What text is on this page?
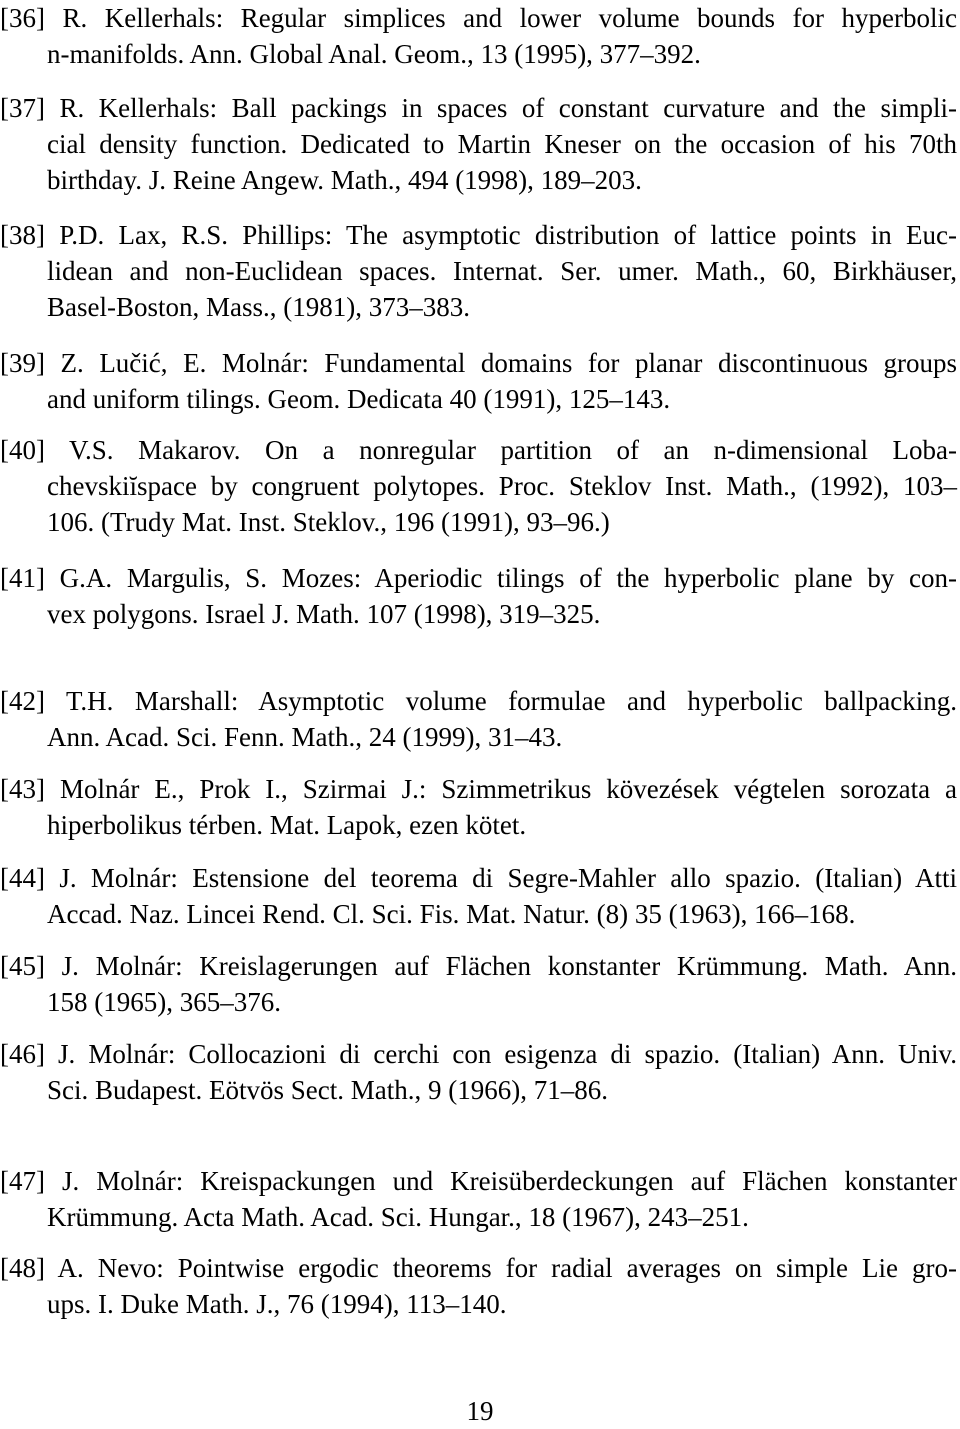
[36] R. Kellerhals: Regular simplices and lower volume bounds for hyperbolic
n-manifolds. Ann. Global Anal. Geom., 13 (1995), 377–392.
[37] R. Kellerhals: Ball packings in spaces of constant curvature and the simpli-
cial density function. Dedicated to Martin Kneser on the occasion of his 70th
birthday. J. Reine Angew. Math., 494 (1998), 189–203.
[38] P.D. Lax, R.S. Phillips: The asymptotic distribution of lattice points in Euc-
lidean and non-Euclidean spaces. Internat. Ser. umer. Math., 60, Birkhäuser,
Basel-Boston, Mass., (1981), 373–383.
[39] Z. Lučić, E. Molnár: Fundamental domains for planar discontinuous groups
and uniform tilings. Geom. Dedicata 40 (1991), 125–143.
[40] V.S. Makarov. On a nonregular partition of an n-dimensional Loba-
chevskiĭspace by congruent polytopes. Proc. Steklov Inst. Math., (1992), 103–
106. (Trudy Mat. Inst. Steklov., 196 (1991), 93–96.)
[41] G.A. Margulis, S. Mozes: Aperiodic tilings of the hyperbolic plane by con-
vex polygons. Israel J. Math. 107 (1998), 319–325.
[42] T.H. Marshall: Asymptotic volume formulae and hyperbolic ballpacking.
Ann. Acad. Sci. Fenn. Math., 24 (1999), 31–43.
[43] Molnár E., Prok I., Szirmai J.: Szimmetrikus kövezések végtelen sorozata a
hiperbolikus térben. Mat. Lapok, ezen kötet.
[44] J. Molnár: Estensione del teorema di Segre-Mahler allo spazio. (Italian) Atti
Accad. Naz. Lincei Rend. Cl. Sci. Fis. Mat. Natur. (8) 35 (1963), 166–168.
[45] J. Molnár: Kreislagerungen auf Flächen konstanter Krümmung. Math. Ann.
158 (1965), 365–376.
[46] J. Molnár: Collocazioni di cerchi con esigenza di spazio. (Italian) Ann. Univ.
Sci. Budapest. Eötvös Sect. Math., 9 (1966), 71–86.
[47] J. Molnár: Kreispackungen und Kreisüberdeckungen auf Flächen konstanter
Krümmung. Acta Math. Acad. Sci. Hungar., 18 (1967), 243–251.
[48] A. Nevo: Pointwise ergodic theorems for radial averages on simple Lie gro-
ups. I. Duke Math. J., 76 (1994), 113–140.
19
